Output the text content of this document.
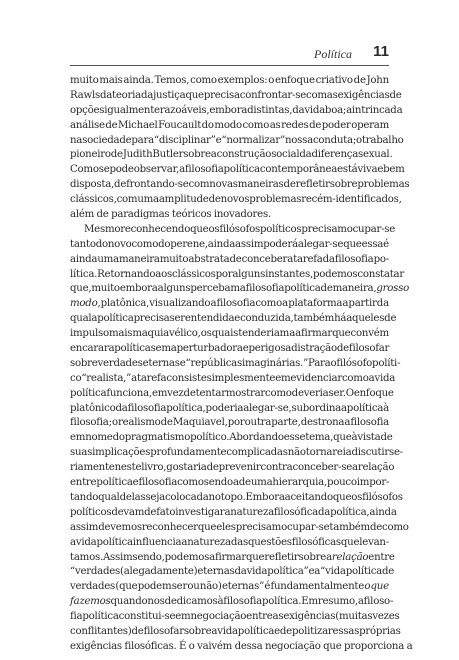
Política 11
muito mais ainda. Temos, como exemplos: o enfoque criativo de John
Rawls da teoria da justiça que precisa confrontar-se com as exigências de
opções igualmente razoáveis, embora distintas, da vida boa; a intrincada
análise de Michael Foucault do modo como as redes de poder operam
na sociedade para “disciplinar” e “normalizar” nossa conduta; o trabalho
pioneiro de Judith Butler sobre a construção social da diferença sexual.
Como se pode observar, a filosofia política contemporânea está viva e bem
disposta, defrontando-se com novas maneiras de refletir sobre problemas
clássicos, com uma amplitude de novos problemas recém-identificados,
além de paradigmas teóricos inovadores.
Mesmo reconhecendo que os filósofos políticos precisam ocupar-se
tanto do novo como do perene, ainda assim poderá alegar-se que essa é
ainda uma maneira muito abstrata de conceber a tarefa da filosofia po-
lítica. Retornando aos clássicos por alguns instantes, podemos constatar
que, muito embora alguns percebam a filosofia política de maneira, grosso
modo, platônica, visualizando a filosofia como a plataforma a partir da
qual a política precisa ser entendida e conduzida, também há aqueles de
impulso mais maquiavélico, os quais tenderiam a afirmar que convém
encarar a política sem a perturbadora e perigosa distração de filosofar
sobre verdades eternas e “repúblicas imaginárias.” Para o filósofo políti-
co “realista,” a tarefa consiste simplesmente em evidenciar como a vida
política funciona, em vez de tentar mostrar como deveria ser. O enfoque
platônico da filosofia política, poderia alegar-se, subordina a política à
filosofia; o realismo de Maquiavel, por outra parte, destrona a filosofia
em nome do pragmatismo político. Abordando esse tema, que à vista de
suas implicações profundamente complicadas não tornarei a discutir se-
riamente neste livro, gostaria de prevenir contra conceber-se a relação
entre política e filosofia como sendo a de uma hierarquia, pouco impor-
tando qual delas seja colocada no topo. Embora aceitando que os filósofos
políticos devam de fato investigar a natureza filosófica da política, ainda
assim devemos reconhecer que eles precisam ocupar-se também de como
a vida política influencia a natureza das questões filosóficas que levan-
tamos. Assim sendo, podemos afirmar que refletir sobre a relação entre
“verdades (alegadamente) eternas da vida política” e a “vida política de
verdades (que podem ser ou não) eternas” é fundamentalmente o que
fazemos quando nos dedicamos à filosofia política. Em resumo, a filoso-
fia política constitui-se em negociação entre as exigências (muitas vezes
conflitantes) de filosofar sobre a vida política e de politizar essas próprias
exigências filosóficas. É o vaivém dessa negociação que proporciona a
